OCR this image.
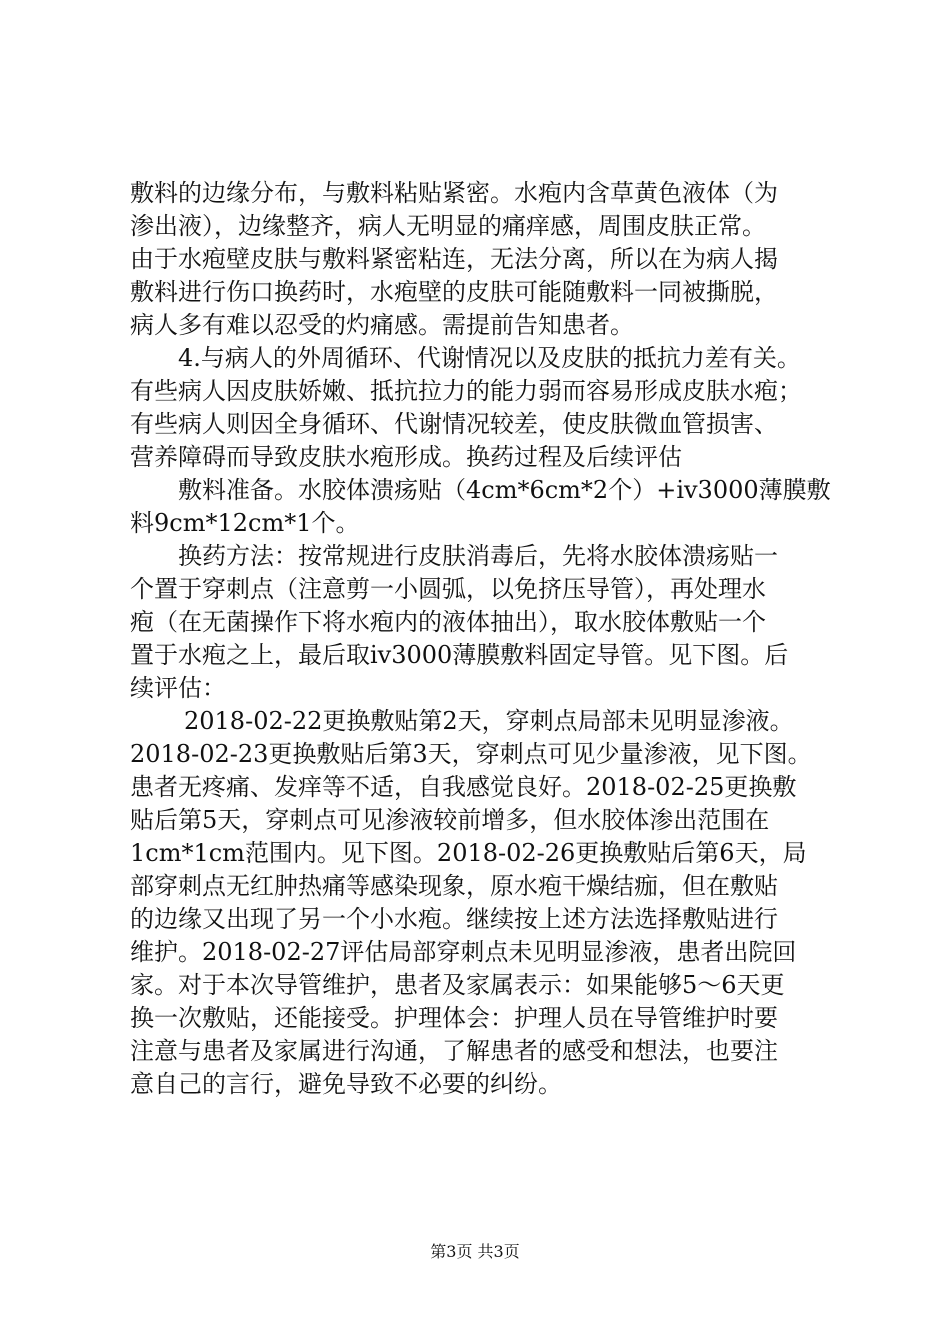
敷料的边缘分布，与敷料粘贴紧密。水疱内含草黄色液体（为
渗出液），边缘整齐，病人无明显的痛痒感，周围皮肤正常。
由于水疱壁皮肤与敷料紧密粘连，无法分离，所以在为病人揭
敷料进行伤口换药时，水疱壁的皮肤可能随敷料一同被撕脱，
病人多有难以忍受的灼痛感。需提前告知患者。
4.与病人的外周循环、代谢情况以及皮肤的抵抗力差有关。
有些病人因皮肤娇嫩、抵抗拉力的能力弱而容易形成皮肤水疱；
有些病人则因全身循环、代谢情况较差，使皮肤微血管损害、
营养障碍而导致皮肤水疱形成。换药过程及后续评估
敷料准备。水胶体溃疡贴（4cm*6cm*2个）+iv3000薄膜敷
料9cm*12cm*1个。
换药方法：按常规进行皮肤消毒后，先将水胶体溃疡贴一
个置于穿刺点（注意剪一小圆弧，以免挤压导管），再处理水
疱（在无菌操作下将水疱内的液体抽出），取水胶体敷贴一个
置于水疱之上，最后取iv3000薄膜敷料固定导管。见下图。后
续评估：
2018-02-22更换敷贴第2天，穿刺点局部未见明显渗液。
2018-02-23更换敷贴后第3天，穿刺点可见少量渗液，见下图。
患者无疼痛、发痒等不适，自我感觉良好。2018-02-25更换敷
贴后第5天，穿刺点可见渗液较前增多，但水胶体渗出范围在
1cm*1cm范围内。见下图。2018-02-26更换敷贴后第6天，局
部穿刺点无红肿热痛等感染现象，原水疱干燥结痂，但在敷贴
的边缘又出现了另一个小水疱。继续按上述方法选择敷贴进行
维护。2018-02-27评估局部穿刺点未见明显渗液，患者出院回
家。对于本次导管维护，患者及家属表示：如果能够5～6天更
换一次敷贴，还能接受。护理体会：护理人员在导管维护时要
注意与患者及家属进行沟通，了解患者的感受和想法，也要注
意自己的言行，避免导致不必要的纠纷。
第3页 共3页
